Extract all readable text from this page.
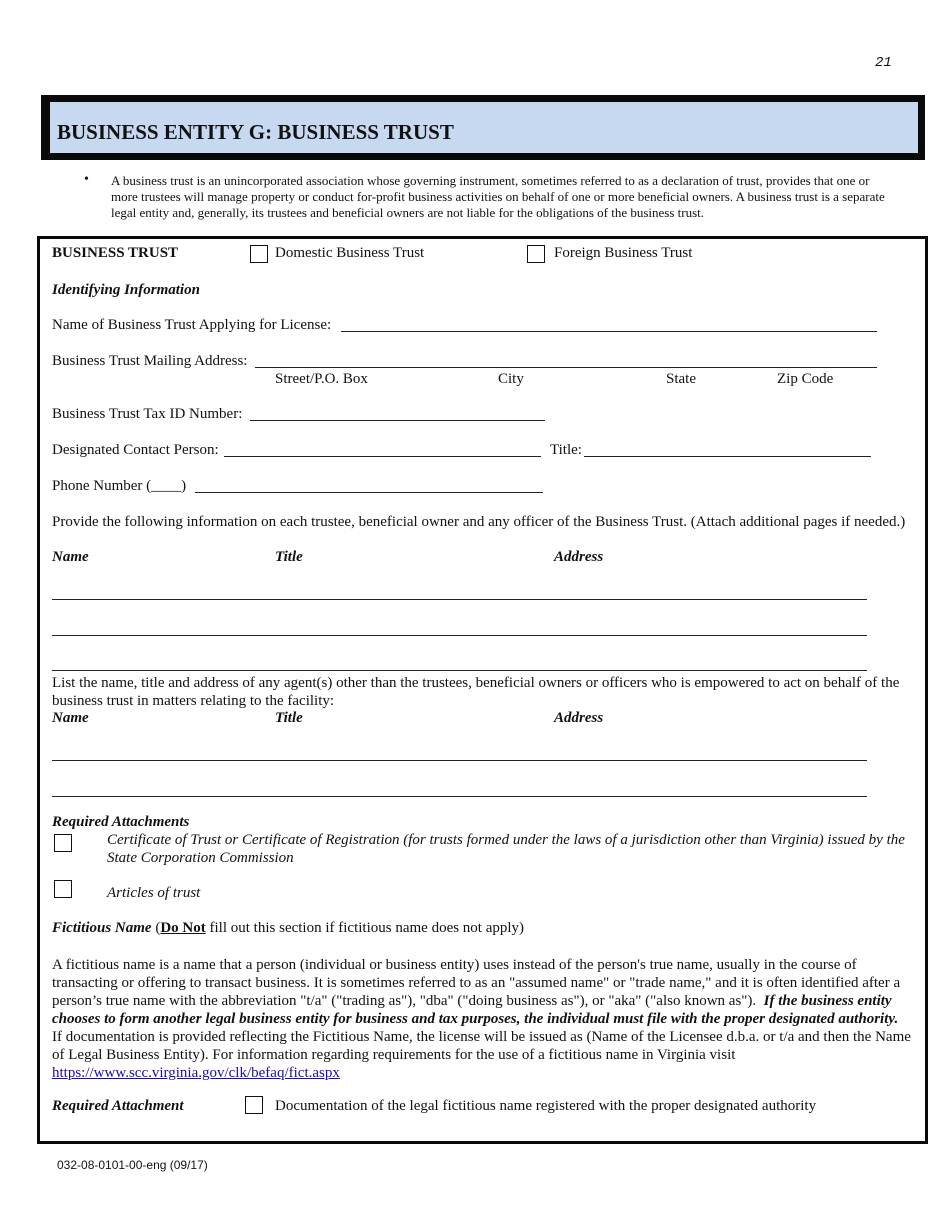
21
BUSINESS ENTITY G: BUSINESS TRUST
• A business trust is an unincorporated association whose governing instrument, sometimes referred to as a declaration of trust, provides that one or more trustees will manage property or conduct for-profit business activities on behalf of one or more beneficial owners. A business trust is a separate legal entity and, generally, its trustees and beneficial owners are not liable for the obligations of the business trust.
BUSINESS TRUST	Domestic Business Trust	Foreign Business Trust
Identifying Information
Name of Business Trust Applying for License:
Business Trust Mailing Address:
Street/P.O. Box	City	State	Zip Code
Business Trust Tax ID Number:
Designated Contact Person:	Title:
Phone Number (____)
Provide the following information on each trustee, beneficial owner and any officer of the Business Trust. (Attach additional pages if needed.)
Name	Title	Address
List the name, title and address of any agent(s) other than the trustees, beneficial owners or officers who is empowered to act on behalf of the business trust in matters relating to the facility:
Name	Title	Address
Required Attachments
Certificate of Trust or Certificate of Registration (for trusts formed under the laws of a jurisdiction other than Virginia) issued by the State Corporation Commission
Articles of trust
Fictitious Name (Do Not fill out this section if fictitious name does not apply)
A fictitious name is a name that a person (individual or business entity) uses instead of the person's true name, usually in the course of transacting or offering to transact business. It is sometimes referred to as an "assumed name" or "trade name," and it is often identified after a person’s true name with the abbreviation "t/a" ("trading as"), "dba" ("doing business as"), or "aka" ("also known as"). If the business entity chooses to form another legal business entity for business and tax purposes, the individual must file with the proper designated authority.  If documentation is provided reflecting the Fictitious Name, the license will be issued as (Name of the Licensee d.b.a. or t/a and then the Name of Legal Business Entity). For information regarding requirements for the use of a fictitious name in Virginia visit https://www.scc.virginia.gov/clk/befaq/fict.aspx
Required Attachment	Documentation of the legal fictitious name registered with the proper designated authority
032-08-0101-00-eng (09/17)
